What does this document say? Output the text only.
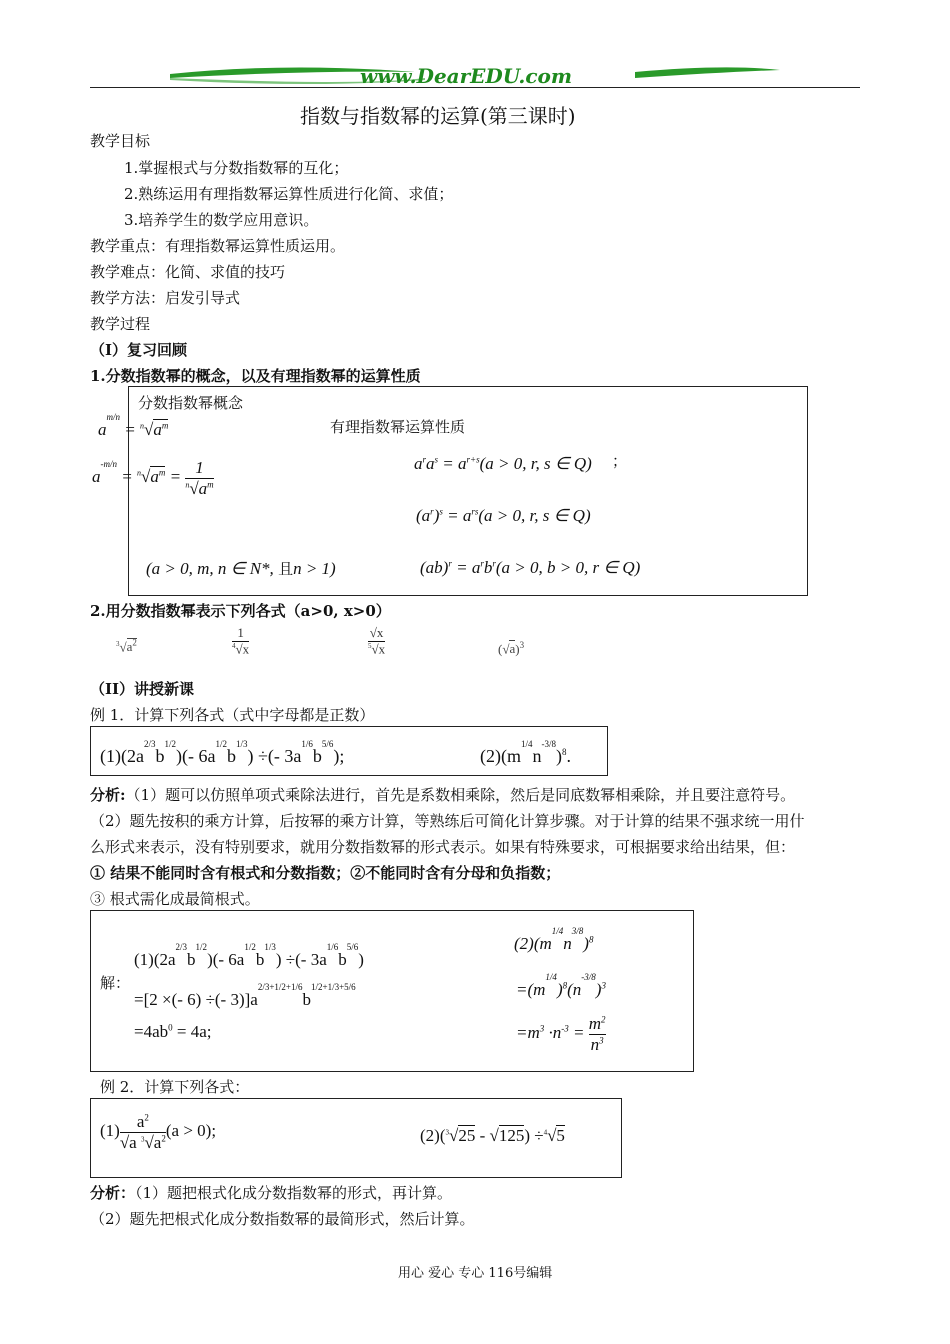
www.DearEDU.com
指数与指数幂的运算(第三课时)
教学目标
1.掌握根式与分数指数幂的互化；
2.熟练运用有理指数幂运算性质进行化简、求值；
3.培养学生的数学应用意识。
教学重点：有理指数幂运算性质运用。
教学难点：化简、求值的技巧
教学方法：启发引导式
教学过程
（I）复习回顾
1.分数指数幂的概念，以及有理指数幂的运算性质
分数指数幂概念
有理指数幂运算性质
$a^{m/n} = ^n√a^m$
$a^{-m/n} = ^n√a^m = \frac{1}{^n√a^m}$	$a^ra^s = a^{r+s}(a > 0$, r, s ∈ Q) ；
$(a^r)^s = a^{rs}(a > 0$, r, s ∈ Q)
(a > 0, m, n ∈ N*, 且n > 1)	$(ab)^r = a^rb^r(a > 0$, b > 0, r ∈ Q)
2.用分数指数幂表示下列各式（a>0, x>0）
$^3√a^2$	$\frac{1}{^4√x}$	$\frac{√x}{^5√x}$	$(√a)^3$
（II）讲授新课
例 1．计算下列各式（式中字母都是正数）
$(1)(2a^{2/3}b^{1/2})(-$ $6a^{1/2}b^{1/3}$) ÷(- $3a^{1/6}b^{5/6}$);	$(2)(m^{1/4}n^{-3/8})^8$.
分析:（1）题可以仿照单项式乘除法进行，首先是系数相乘除，然后是同底数幂相乘除，并且要注意符号。
（2）题先按积的乘方计算，后按幂的乘方计算，等熟练后可简化计算步骤。对于计算的结果不强求统一用什
么形式来表示，没有特别要求，就用分数指数幂的形式表示。如果有特殊要求，可根据要求给出结果，但：
① 结果不能同时含有根式和分数指数；②不能同时含有分母和负指数；
③ 根式需化成最简根式。
解：
$(1)(2a^{2/3}b^{1/2})(-$ $6a^{1/2}b^{1/3}$) ÷(- $3a^{1/6}b^{5/6}$)
=[2 ×(- 6) ÷(- $3)]a^{2/3+1/2+1/6}b^{1/2+1/3+5/6}$
$=4ab^0 = 4a$;
$(2)(m^{1/4}n^{3/8})^8$
$=(m^{1/4})^8(n^{-3/8})^3$
$=m^3 \cdot n^{-3} = \frac{m^2}{n^3}$
例 2．计算下列各式：
$(1) \frac{a^2}{√a ^3√a^2} (a > 0)$;	(2)($^3$√25 - √125) ÷$^4$√5
分析：（1）题把根式化成分数指数幂的形式，再计算。
（2）题先把根式化成分数指数幂的最简形式，然后计算。
用心 爱心 专心 116号编辑
